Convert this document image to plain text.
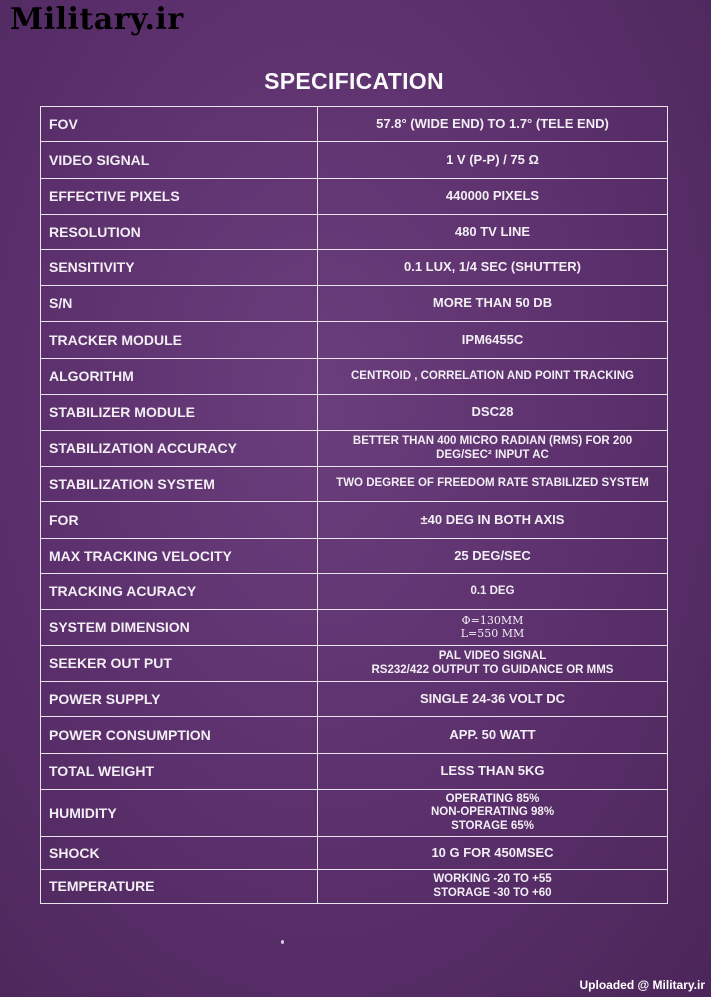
Military.ir
SPECIFICATION
FOV	57.8° (WIDE END) TO 1.7° (TELE END)
VIDEO SIGNAL	1 V (P-P) / 75 Ω
EFFECTIVE PIXELS	440000 PIXELS
RESOLUTION	480 TV LINE
SENSITIVITY	0.1 LUX, 1/4 SEC (SHUTTER)
S/N	MORE THAN 50 DB
TRACKER MODULE	IPM6455C
ALGORITHM	CENTROID , CORRELATION AND POINT TRACKING
STABILIZER MODULE	DSC28
STABILIZATION ACCURACY	BETTER THAN 400 MICRO RADIAN (RMS) FOR 200
DEG/SEC² INPUT AC

STABILIZATION SYSTEM	TWO DEGREE OF FREEDOM RATE STABILIZED SYSTEM
FOR	±40 DEG IN BOTH AXIS
MAX TRACKING VELOCITY	25 DEG/SEC
TRACKING ACURACY	0.1 DEG
SYSTEM DIMENSION	Φ=130MM
L=550 MM

SEEKER OUT PUT	PAL VIDEO SIGNAL
RS232/422 OUTPUT TO GUIDANCE OR MMS

POWER SUPPLY	SINGLE 24-36 VOLT DC
POWER CONSUMPTION	APP. 50 WATT
TOTAL WEIGHT	LESS THAN 5KG
HUMIDITY	OPERATING 85%
NON-OPERATING 98%
STORAGE 65%

SHOCK	10 G FOR 450MSEC
TEMPERATURE	WORKING -20 TO +55
STORAGE -30 TO +60
Uploaded @ Military.ir
